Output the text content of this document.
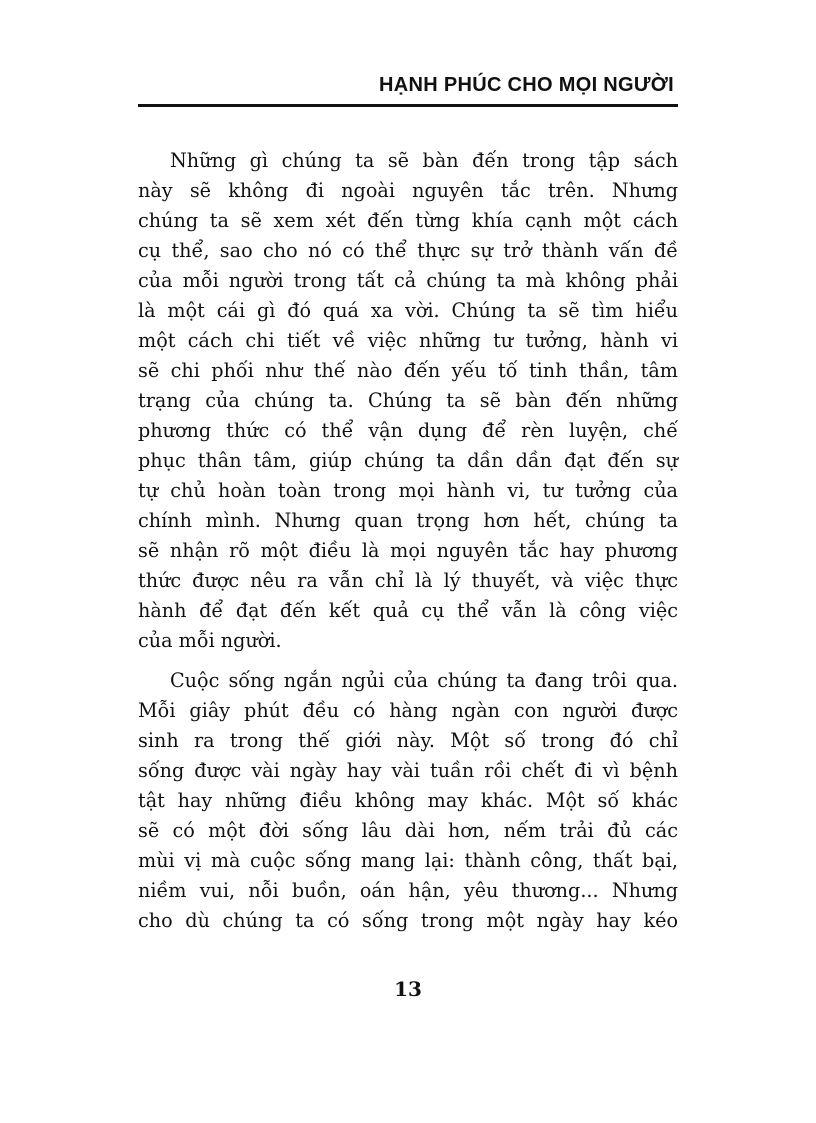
HẠNH PHÚC CHO MỌI NGƯỜI

Những gì chúng ta sẽ bàn đến trong tập sách
này sẽ không đi ngoài nguyên tắc trên. Nhưng
chúng ta sẽ xem xét đến từng khía cạnh một cách
cụ thể, sao cho nó có thể thực sự trở thành vấn đề
của mỗi người trong tất cả chúng ta mà không phải
là một cái gì đó quá xa vời. Chúng ta sẽ tìm hiểu
một cách chi tiết về việc những tư tưởng, hành vi
sẽ chi phối như thế nào đến yếu tố tinh thần, tâm
trạng của chúng ta. Chúng ta sẽ bàn đến những
phương thức có thể vận dụng để rèn luyện, chế
phục thân tâm, giúp chúng ta dần dần đạt đến sự
tự chủ hoàn toàn trong mọi hành vi, tư tưởng của
chính mình. Nhưng quan trọng hơn hết, chúng ta
sẽ nhận rõ một điều là mọi nguyên tắc hay phương
thức được nêu ra vẫn chỉ là lý thuyết, và việc thực
hành để đạt đến kết quả cụ thể vẫn là công việc
của mỗi người.

Cuộc sống ngắn ngủi của chúng ta đang trôi qua.
Mỗi giây phút đều có hàng ngàn con người được
sinh ra trong thế giới này. Một số trong đó chỉ
sống được vài ngày hay vài tuần rồi chết đi vì bệnh
tật hay những điều không may khác. Một số khác
sẽ có một đời sống lâu dài hơn, nếm trải đủ các
mùi vị mà cuộc sống mang lại: thành công, thất bại,
niềm vui, nỗi buồn, oán hận, yêu thương... Nhưng
cho dù chúng ta có sống trong một ngày hay kéo

13
